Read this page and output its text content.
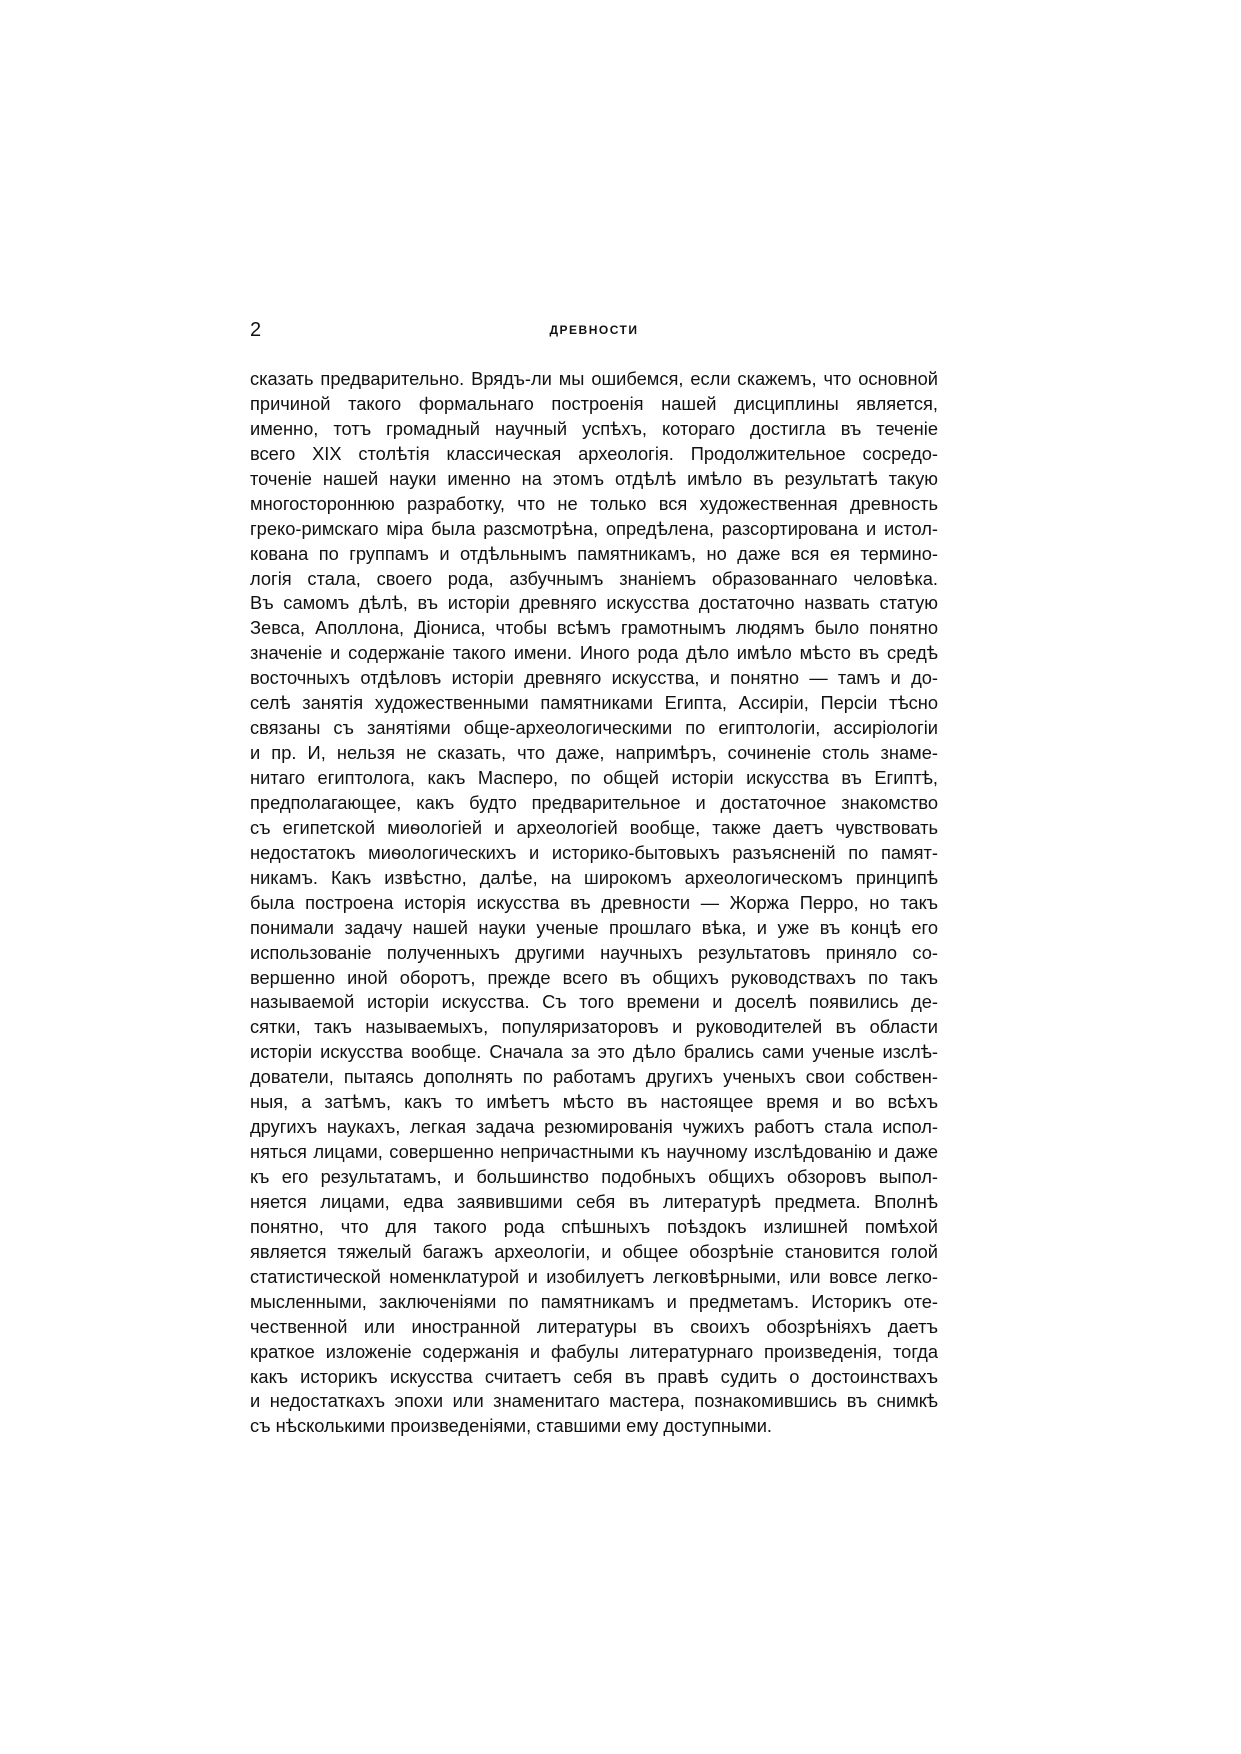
2	ДРЕВНОСТИ
сказать предварительно. Врядъ-ли мы ошибемся, если скажемъ, что основной
причиной такого формальнаго построенія нашей дисциплины является,
именно, тотъ громадный научный успѣхъ, котораго достигла въ теченіе
всего XIX столѣтія классическая археологія. Продолжительное сосредо-
точеніе нашей науки именно на этомъ отдѣлѣ имѣло въ результатѣ такую
многостороннюю разработку, что не только вся художественная древность
греко-римскаго міра была разсмотрѣна, опредѣлена, разсортирована и истол-
кована по группамъ и отдѣльнымъ памятникамъ, но даже вся ея термино-
логія стала, своего рода, азбучнымъ знаніемъ образованнаго человѣка.
Въ самомъ дѣлѣ, въ исторіи древняго искусства достаточно назвать статую
Зевса, Аполлона, Діониса, чтобы всѣмъ грамотнымъ людямъ было понятно
значеніе и содержаніе такого имени. Иного рода дѣло имѣло мѣсто въ средѣ
восточныхъ отдѣловъ исторіи древняго искусства, и понятно — тамъ и до-
селѣ занятія художественными памятниками Египта, Ассиріи, Персіи тѣсно
связаны съ занятіями обще-археологическими по египтологіи, ассиріологіи
и пр. И, нельзя не сказать, что даже, напримѣръ, сочиненіе столь знаме-
нитаго египтолога, какъ Масперо, по общей исторіи искусства въ Египтѣ,
предполагающее, какъ будто предварительное и достаточное знакомство
съ египетской миѳологіей и археологіей вообще, также даетъ чувствовать
недостатокъ миѳологическихъ и историко-бытовыхъ разъясненій по памят-
никамъ. Какъ извѣстно, далѣе, на широкомъ археологическомъ принципѣ
была построена исторія искусства въ древности — Жоржа Перро, но такъ
понимали задачу нашей науки ученые прошлаго вѣка, и уже въ концѣ его
использованіе полученныхъ другими научныхъ результатовъ приняло со-
вершенно иной оборотъ, прежде всего въ общихъ руководствахъ по такъ
называемой исторіи искусства. Съ того времени и доселѣ появились де-
сятки, такъ называемыхъ, популяризаторовъ и руководителей въ области
исторіи искусства вообще. Сначала за это дѣло брались сами ученые изслѣ-
дователи, пытаясь дополнять по работамъ другихъ ученыхъ свои собствен-
ныя, а затѣмъ, какъ то имѣетъ мѣсто въ настоящее время и во всѣхъ
другихъ наукахъ, легкая задача резюмированія чужихъ работъ стала испол-
няться лицами, совершенно непричастными къ научному изслѣдованію и даже
къ его результатамъ, и большинство подобныхъ общихъ обзоровъ выпол-
няется лицами, едва заявившими себя въ литературѣ предмета. Вполнѣ
понятно, что для такого рода спѣшныхъ поѣздокъ излишней помѣхой
является тяжелый багажъ археологіи, и общее обозрѣніе становится голой
статистической номенклатурой и изобилуетъ легковѣрными, или вовсе легко-
мысленными, заключеніями по памятникамъ и предметамъ. Историкъ оте-
чественной или иностранной литературы въ своихъ обозрѣніяхъ даетъ
краткое изложеніе содержанія и фабулы литературнаго произведенія, тогда
какъ историкъ искусства считаетъ себя въ правѣ судить о достоинствахъ
и недостаткахъ эпохи или знаменитаго мастера, познакомившись въ снимкѣ
съ нѣсколькими произведеніями, ставшими ему доступными.
